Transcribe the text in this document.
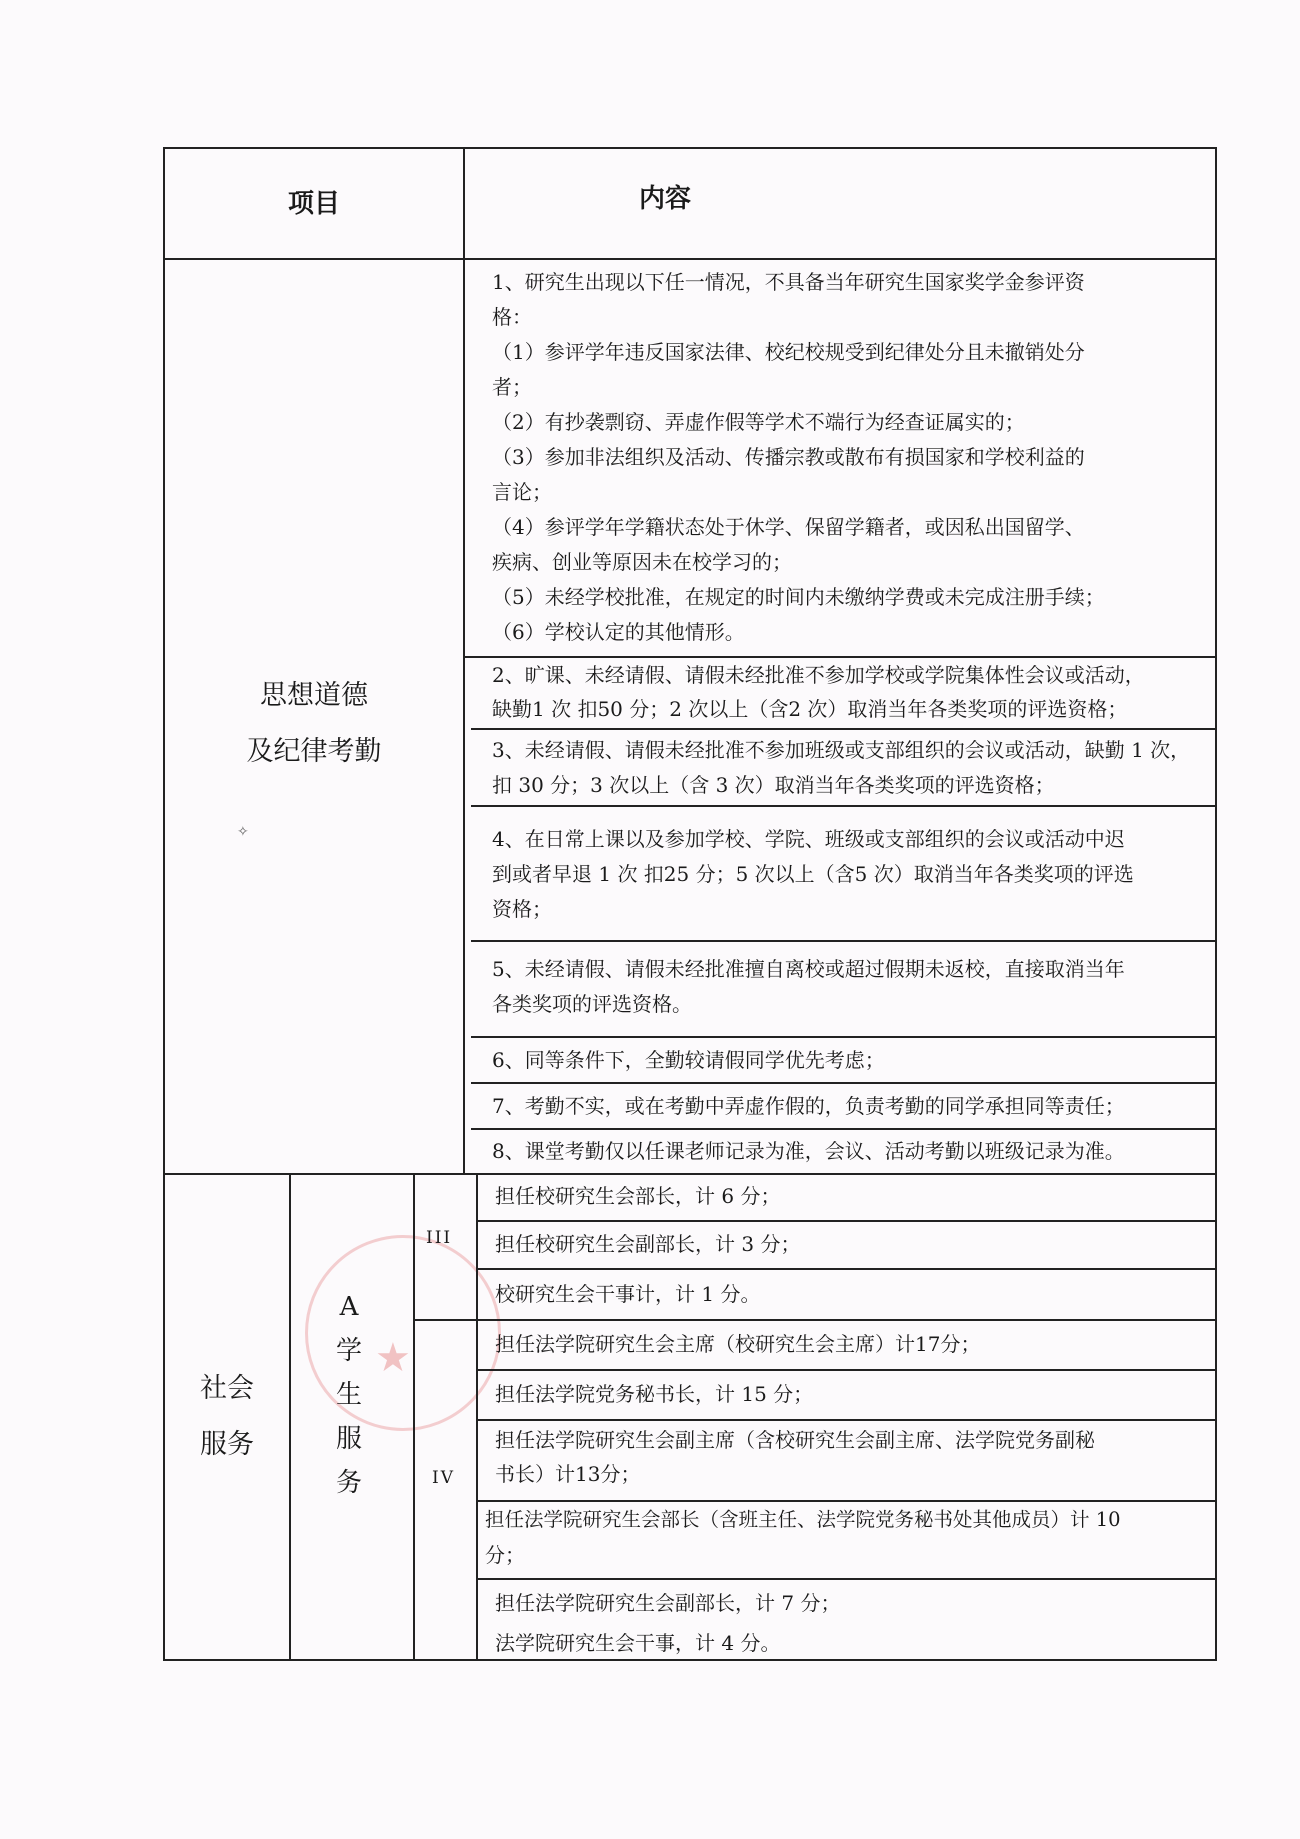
★
项目	内容
思想道德
及纪律考勤
✧
1、研究生出现以下任一情况，不具备当年研究生国家奖学金参评资
格：
（1）参评学年违反国家法律、校纪校规受到纪律处分且未撤销处分
者；
（2）有抄袭剽窃、弄虚作假等学术不端行为经查证属实的；
（3）参加非法组织及活动、传播宗教或散布有损国家和学校利益的
言论；
（4）参评学年学籍状态处于休学、保留学籍者，或因私出国留学、
疾病、创业等原因未在校学习的；
（5）未经学校批准，在规定的时间内未缴纳学费或未完成注册手续；
（6）学校认定的其他情形。
2、旷课、未经请假、请假未经批准不参加学校或学院集体性会议或活动，
缺勤1 次 扣50 分；2 次以上（含2 次）取消当年各类奖项的评选资格；
3、未经请假、请假未经批准不参加班级或支部组织的会议或活动，缺勤 1 次，
扣 30 分；3 次以上（含 3 次）取消当年各类奖项的评选资格；
4、在日常上课以及参加学校、学院、班级或支部组织的会议或活动中迟
到或者早退 1 次 扣25 分；5 次以上（含5 次）取消当年各类奖项的评选
资格；
5、未经请假、请假未经批准擅自离校或超过假期未返校，直接取消当年
各类奖项的评选资格。
6、同等条件下，全勤较请假同学优先考虑；
7、考勤不实，或在考勤中弄虚作假的，负责考勤的同学承担同等责任；
8、课堂考勤仅以任课老师记录为准，会议、活动考勤以班级记录为准。
社会
服务
A
学
生
服
务
III
IV
担任校研究生会部长，计 6 分；
担任校研究生会副部长，计 3 分；
校研究生会干事计，计 1 分。
担任法学院研究生会主席（校研究生会主席）计17分；
担任法学院党务秘书长，计 15 分；
担任法学院研究生会副主席（含校研究生会副主席、法学院党务副秘
书长）计13分；
担任法学院研究生会部长（含班主任、法学院党务秘书处其他成员）计 10
分；
担任法学院研究生会副部长，计 7 分；
法学院研究生会干事，计 4 分。
